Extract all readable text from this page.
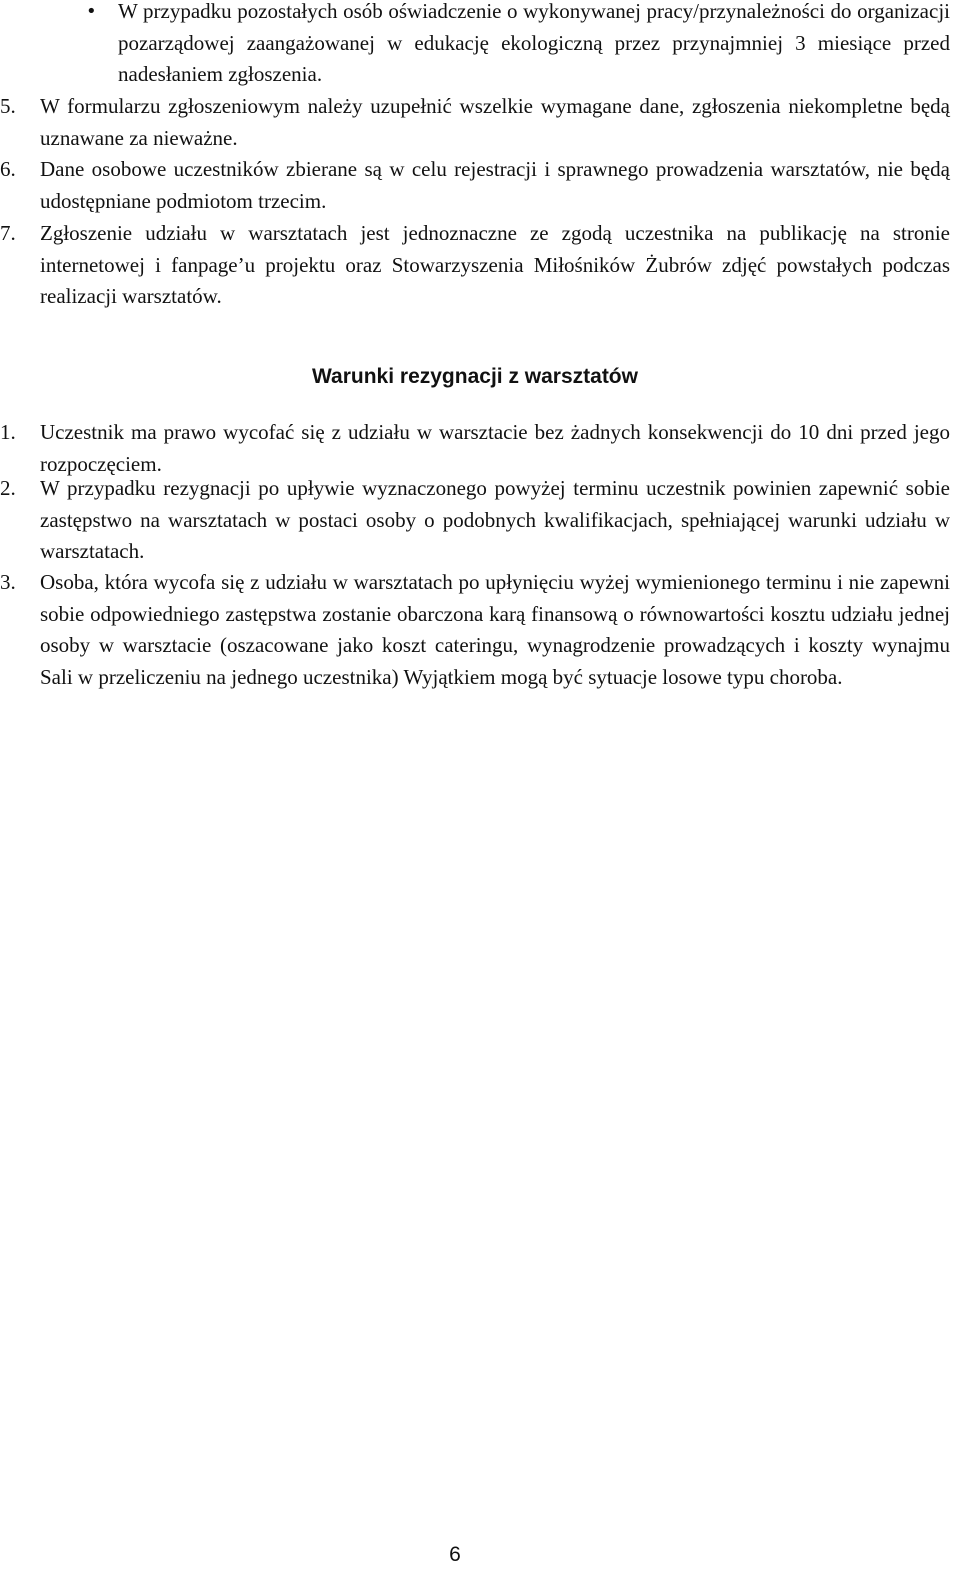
• W przypadku pozostałych osób oświadczenie o wykonywanej pracy/przynależności do organizacji pozarządowej zaangażowanej w edukację ekologiczną przez przynajmniej 3 miesiące przed nadesłaniem zgłoszenia.
5. W formularzu zgłoszeniowym należy uzupełnić wszelkie wymagane dane, zgłoszenia niekompletne będą uznawane za nieważne.
6. Dane osobowe uczestników zbierane są w celu rejestracji i sprawnego prowadzenia warsztatów, nie będą udostępniane podmiotom trzecim.
7. Zgłoszenie udziału w warsztatach jest jednoznaczne ze zgodą uczestnika na publikację na stronie internetowej i fanpage’u projektu oraz Stowarzyszenia Miłośników Żubrów zdjęć powstałych podczas realizacji warsztatów.
Warunki rezygnacji z warsztatów
1. Uczestnik ma prawo wycofać się z udziału w warsztacie bez żadnych konsekwencji do 10 dni przed jego rozpoczęciem.
2. W przypadku rezygnacji po upływie wyznaczonego powyżej terminu uczestnik powinien zapewnić sobie zastępstwo na warsztatach w postaci osoby o podobnych kwalifikacjach, spełniającej warunki udziału w warsztatach.
3. Osoba, która wycofa się z udziału w warsztatach po upłynięciu wyżej wymienionego terminu i nie zapewni sobie odpowiedniego zastępstwa zostanie obarczona karą finansową o równowartości kosztu udziału jednej osoby w warsztacie (oszacowane jako koszt cateringu, wynagrodzenie prowadzących i koszty wynajmu Sali w przeliczeniu na jednego uczestnika) Wyjątkiem mogą być sytuacje losowe typu choroba.
6
